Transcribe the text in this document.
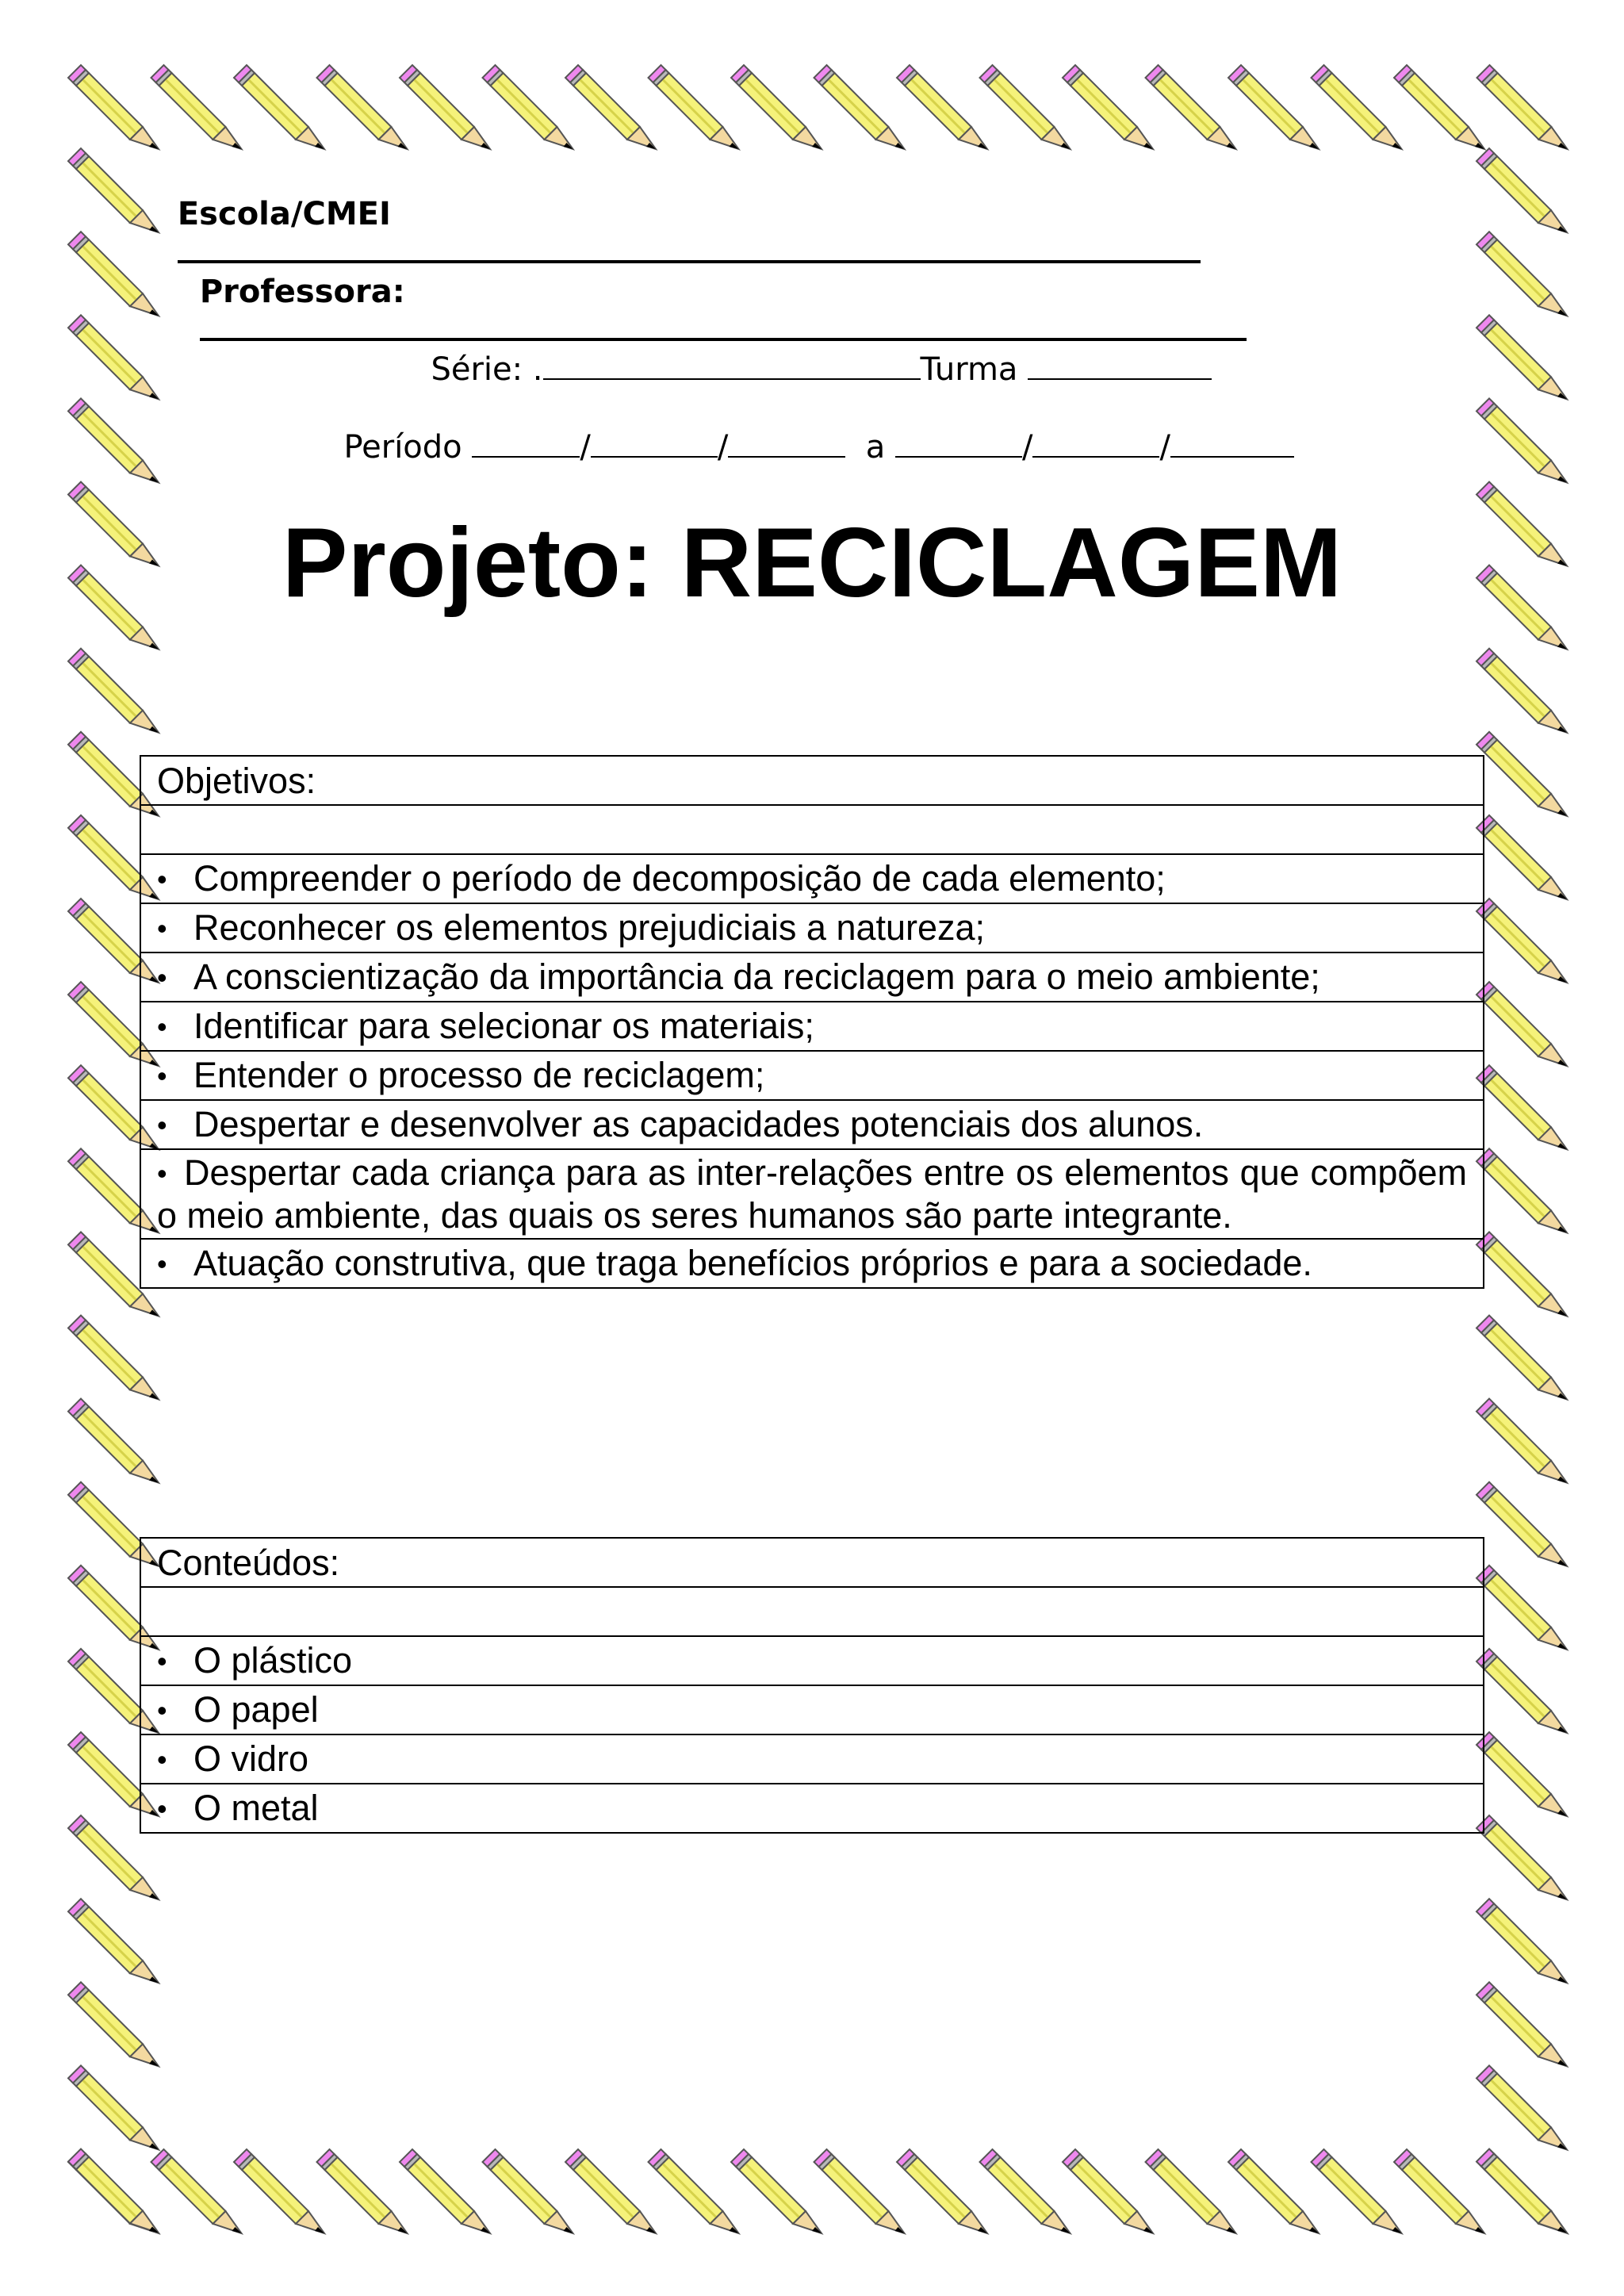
Escola/CMEI

Professora:

Série: .	Turma

Período	/	/	a	/	/

Projeto: RECICLAGEM
Objetivos:

• Compreender o período de decomposição de cada elemento;
• Reconhecer os elementos prejudiciais a natureza;
• A conscientização da importância da reciclagem para o meio ambiente;
• Identificar para selecionar os materiais;
• Entender o processo de reciclagem;
• Despertar e desenvolver as capacidades potenciais dos alunos.
• Despertar cada criança para as inter-relações entre os elementos que compõem o meio ambiente, das quais os seres humanos são parte integrante.
• Atuação construtiva, que traga benefícios próprios e para a sociedade.
Conteúdos:

• O plástico
• O papel
• O vidro
• O metal
